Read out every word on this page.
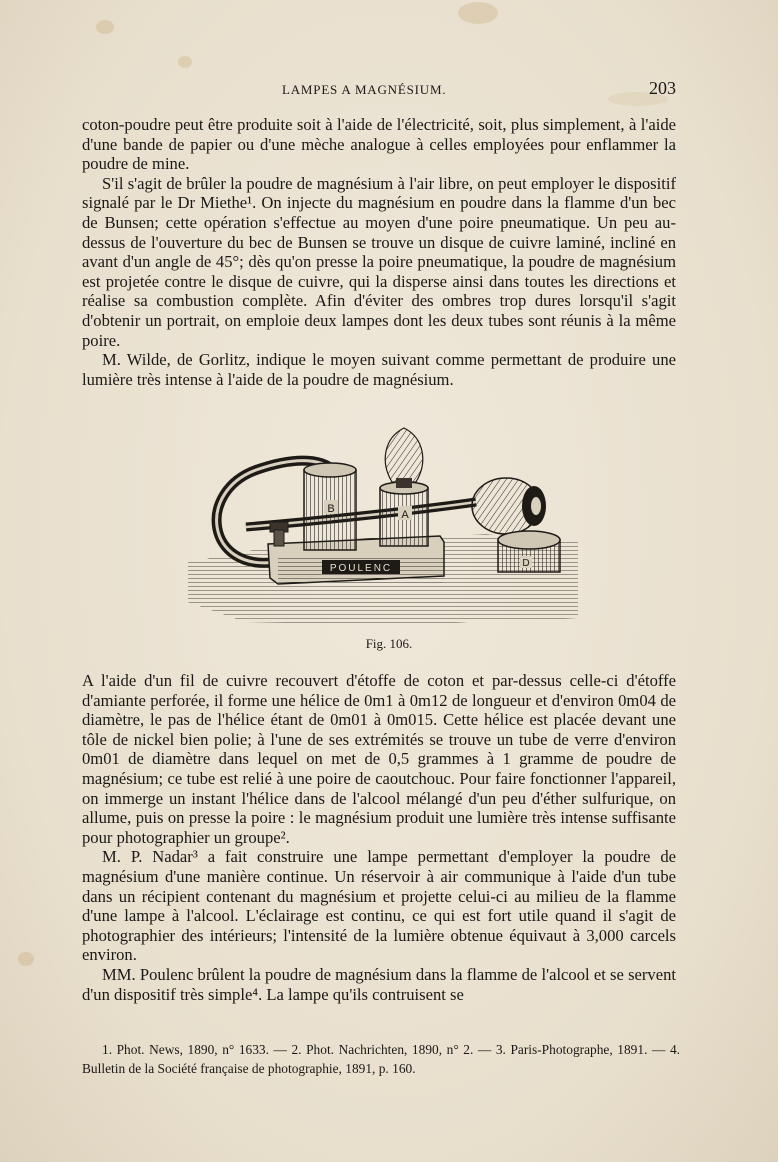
LAMPES A MAGNÉSIUM.	203

coton-poudre peut être produite soit à l'aide de l'électricité, soit, plus simplement, à l'aide d'une bande de papier ou d'une mèche analogue à celles employées pour enflammer la poudre de mine.

S'il s'agit de brûler la poudre de magnésium à l'air libre, on peut employer le dispositif signalé par le Dr Miethe¹. On injecte du magnésium en poudre dans la flamme d'un bec de Bunsen; cette opération s'effectue au moyen d'une poire pneumatique. Un peu au-dessus de l'ouverture du bec de Bunsen se trouve un disque de cuivre laminé, incliné en avant d'un angle de 45°; dès qu'on presse la poire pneumatique, la poudre de magnésium est projetée contre le disque de cuivre, qui la disperse ainsi dans toutes les directions et réalise sa combustion complète. Afin d'éviter des ombres trop dures lorsqu'il s'agit d'obtenir un portrait, on emploie deux lampes dont les deux tubes sont réunis à la même poire.

M. Wilde, de Gorlitz, indique le moyen suivant comme permettant de produire une lumière très intense à l'aide de la poudre de magnésium.

POULENC
B	A
D
Fig. 106.

A l'aide d'un fil de cuivre recouvert d'étoffe de coton et par-dessus celle-ci d'étoffe d'amiante perforée, il forme une hélice de 0m1 à 0m12 de longueur et d'environ 0m04 de diamètre, le pas de l'hélice étant de 0m01 à 0m015. Cette hélice est placée devant une tôle de nickel bien polie; à l'une de ses extrémités se trouve un tube de verre d'environ 0m01 de diamètre dans lequel on met de 0,5 grammes à 1 gramme de poudre de magnésium; ce tube est relié à une poire de caoutchouc. Pour faire fonctionner l'appareil, on immerge un instant l'hélice dans de l'alcool mélangé d'un peu d'éther sulfurique, on allume, puis on presse la poire : le magnésium produit une lumière très intense suffisante pour photographier un groupe².

M. P. Nadar³ a fait construire une lampe permettant d'employer la poudre de magnésium d'une manière continue. Un réservoir à air communique à l'aide d'un tube dans un récipient contenant du magnésium et projette celui-ci au milieu de la flamme d'une lampe à l'alcool. L'éclairage est continu, ce qui est fort utile quand il s'agit de photographier des intérieurs; l'intensité de la lumière obtenue équivaut à 3,000 carcels environ.

MM. Poulenc brûlent la poudre de magnésium dans la flamme de l'alcool et se servent d'un dispositif très simple⁴. La lampe qu'ils contruisent se

1. Phot. News, 1890, n° 1633. — 2. Phot. Nachrichten, 1890, n° 2. — 3. Paris-Photographe, 1891. — 4. Bulletin de la Société française de photographie, 1891, p. 160.
